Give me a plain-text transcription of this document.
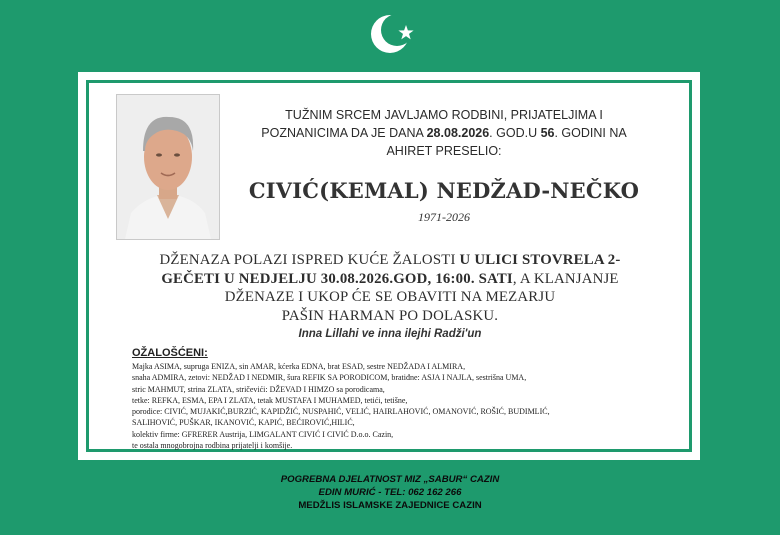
TUŽNIM SRCEM JAVLJAMO RODBINI, PRIJATELJIMA I
POZNANICIMA DA JE DANA 28.08.2026. GOD.U 56. GODINI NA
AHIRET PRESELIO:

CIVIĆ(KEMAL) NEDŽAD-NEČKO
1971-2026

DŽENAZA POLAZI ISPRED KUĆE ŽALOSTI U ULICI STOVRELA 2-
GEČETI U NEDJELJU 30.08.2026.GOD, 16:00. SATI, A KLANJANJE
DŽENAZE I UKOP ĆE SE OBAVITI NA MEZARJU
PAŠIN HARMAN PO DOLASKU.

Inna Lillahi ve inna ilejhi Radži'un
OŽALOŠĆENI:
Majka ASIMA, supruga ENIZA, sin AMAR, kćerka EDNA, brat ESAD, sestre NEDŽADA I ALMIRA,
snaha ADMIRA, zetovi: NEDŽAD I NEDMIR, šura REFIK SA PORODICOM, bratiđne: ASJA I NAJLA, sestrišna UMA,
stric MAHMUT, strina ZLATA, stričevići: DŽEVAD I HIMZO sa porodicama,
tetke: REFKA, ESMA, EPA I ZLATA, tetak MUSTAFA I MUHAMED, tetići, tetišne,
porodice: CIVIĆ, MUJAKIĆ,BURZIĆ, KAPIDŽIĆ, NUSPAHIĆ, VELIĆ, HAIRLAHOVIĆ, OMANOVIĆ, ROŠIĆ, BUDIMLIĆ,
SALIHOVIĆ, PUŠKAR, IKANOVIĆ, KAPIĆ, BEĆIROVIĆ,HILIĆ,
kolektiv firme: GFRERER Austrija, LIMGALANT CIVIĆ I CIVIĆ D.o.o. Cazin,
te ostala mnogobrojna rodbina prijatelji i komšije.
POGREBNA DJELATNOST MIZ „SABUR“ CAZIN
EDIN MURIĆ - TEL: 062 162 266
MEDŽLIS ISLAMSKE ZAJEDNICE CAZIN
